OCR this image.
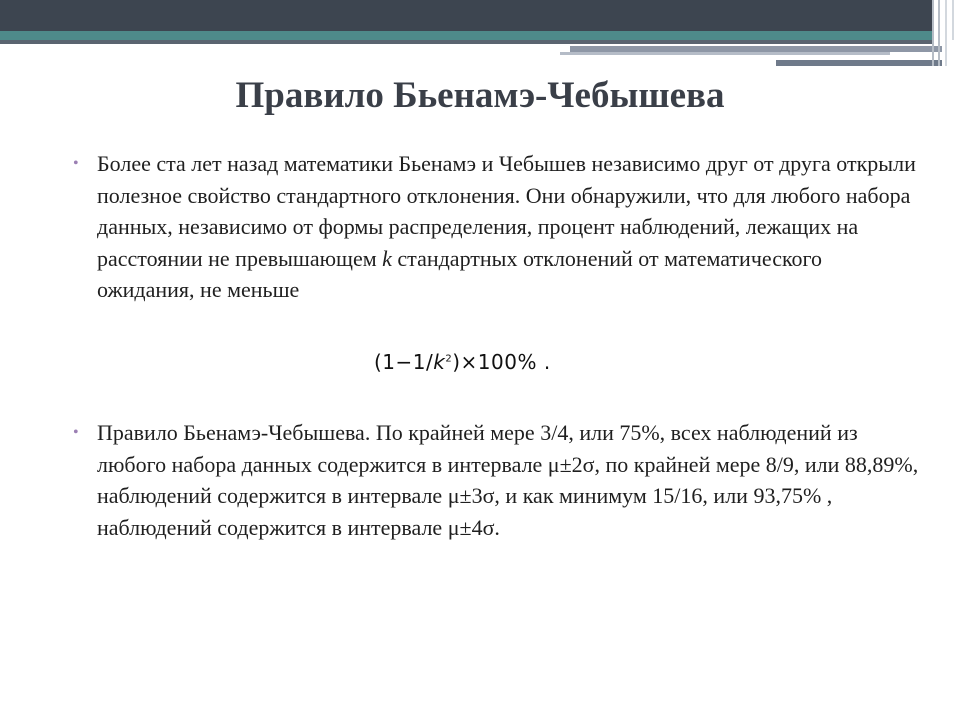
Правило Бьенамэ-Чебышева
• Более ста лет назад математики Бьенамэ и Чебышев независимо друг от друга открыли полезное свойство стандартного отклонения. Они обнаружили, что для любого набора данных, независимо от формы распределения, процент наблюдений, лежащих на расстоянии не превышающем k стандартных отклонений от математического ожидания, не меньше
$(1-1/k^2)\times 100\%$ .
• Правило Бьенамэ-Чебышева. По крайней мере 3/4, или 75%, всех наблюдений из любого набора данных содержится в интервале μ±2σ, по крайней мере 8/9, или 88,89%, наблюдений содержится в интервале μ±3σ, и как минимум 15/16, или 93,75% , наблюдений содержится в интервале μ±4σ.
